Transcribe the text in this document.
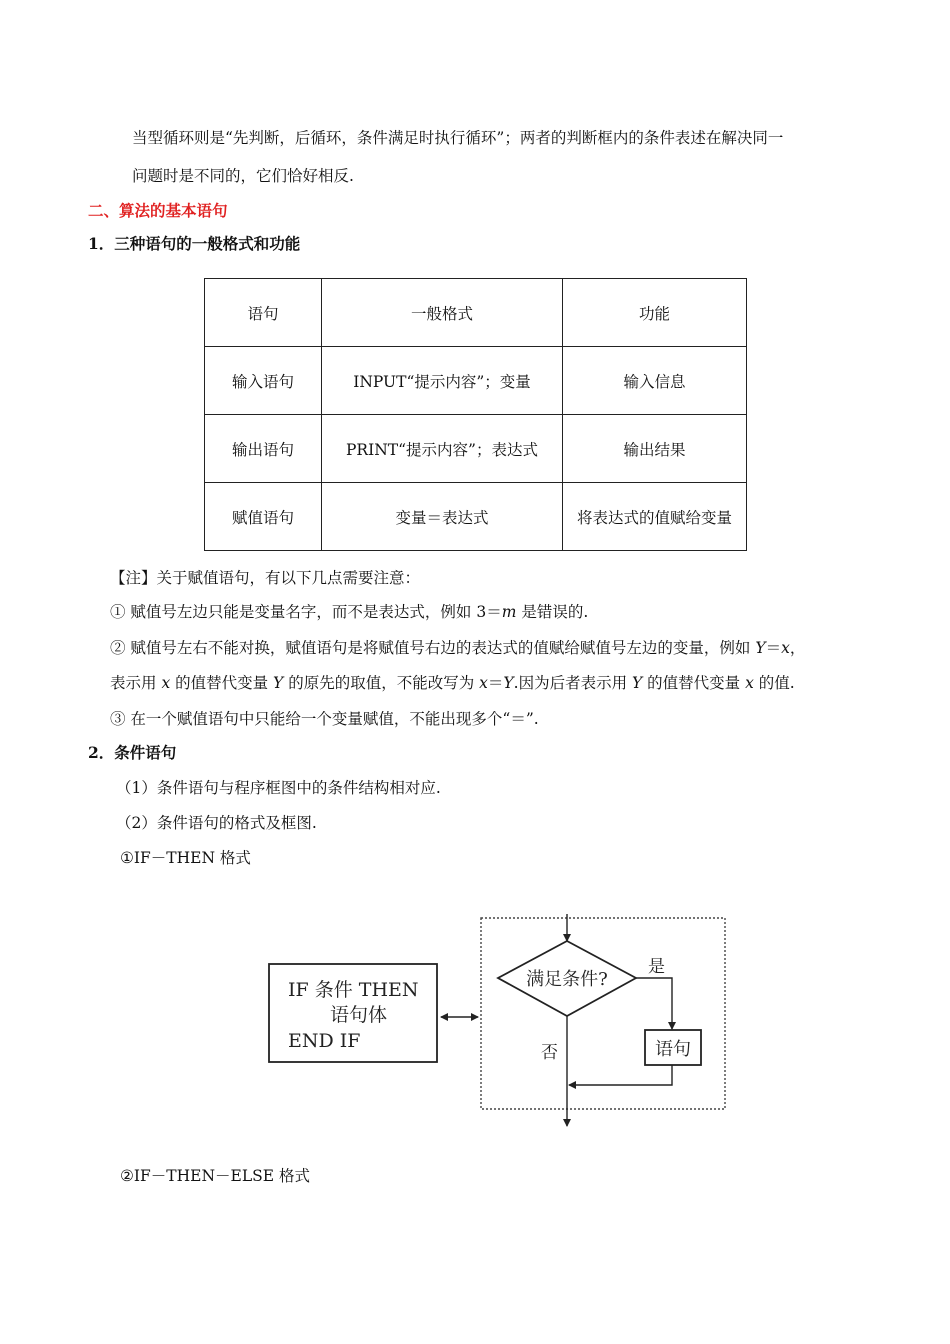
当型循环则是“先判断，后循环，条件满足时执行循环”；两者的判断框内的条件表述在解决同一
问题时是不同的，它们恰好相反.
二、算法的基本语句
1．三种语句的一般格式和功能
语句	一般格式	功能
输入语句	INPUT“提示内容”；变量	输入信息
输出语句	PRINT“提示内容”；表达式	输出结果
赋值语句	变量＝表达式	将表达式的值赋给变量
【注】关于赋值语句，有以下几点需要注意：
① 赋值号左边只能是变量名字，而不是表达式，例如 3＝m 是错误的.
② 赋值号左右不能对换，赋值语句是将赋值号右边的表达式的值赋给赋值号左边的变量，例如 Y＝x，
表示用 x 的值替代变量 Y 的原先的取值，不能改写为 x＝Y.因为后者表示用 Y 的值替代变量 x 的值.
③ 在一个赋值语句中只能给一个变量赋值，不能出现多个“＝”.
2．条件语句
（1）条件语句与程序框图中的条件结构相对应.
（2）条件语句的格式及框图.
①IF－THEN 格式
IF 条件 THEN
语句体
END IF
满足条件?
是
语句
否
②IF－THEN－ELSE 格式
